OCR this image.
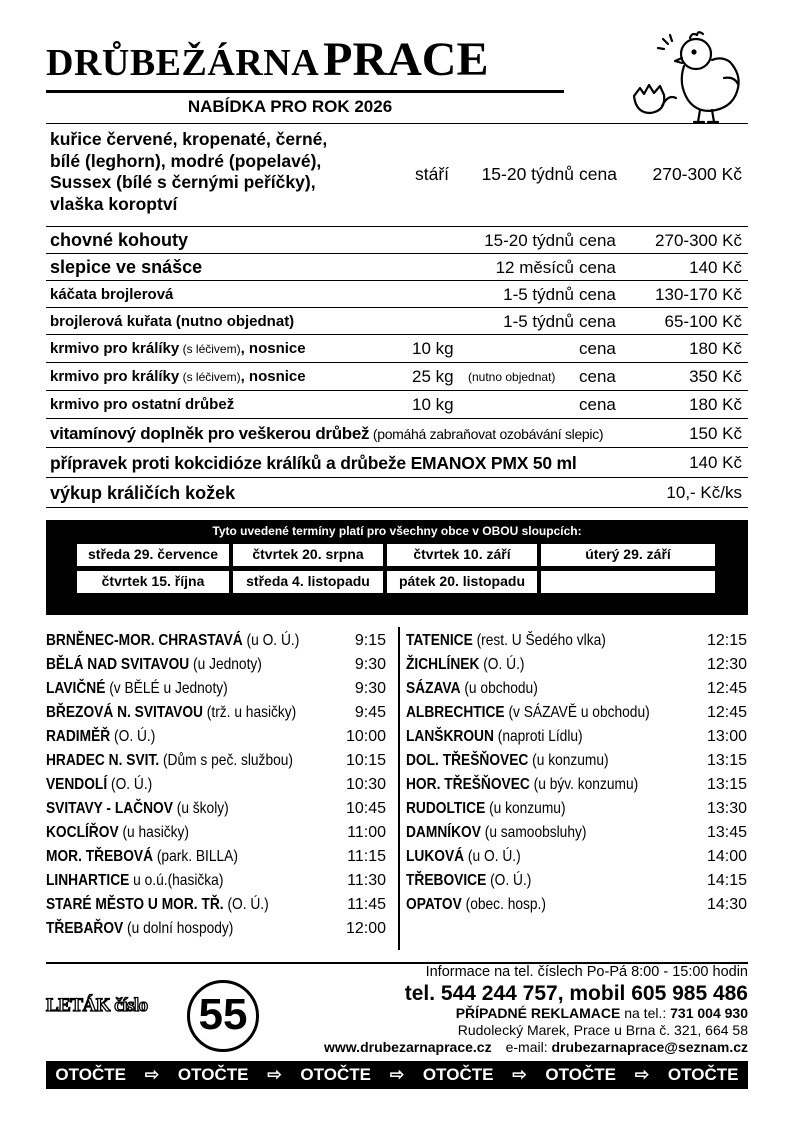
DRŮBEŽÁRNA PRACE
NABÍDKA PRO ROK 2026
kuřice červené, kropenaté, černé,
bílé (leghorn), modré (popelavé),
Sussex (bílé s černými peříčky),
vlaška koroptví
stáří 15-20 týdnů cena 270-300 Kč
chovné kohouty	15-20 týdnů cena 270-300 Kč
slepice ve snášce	12 měsíců cena	140 Kč
káčata brojlerová	1-5 týdnů cena 130-170 Kč
brojlerová kuřata (nutno objednat)	1-5 týdnů cena	65-100 Kč
krmivo pro králíky (s léčivem), nosnice	10 kg	cena	180 Kč
krmivo pro králíky (s léčivem), nosnice	25 kg (nutno objednat) cena	350 Kč
krmivo pro ostatní drůbež	10 kg	cena	180 Kč
vitamínový doplněk pro veškerou drůbež (pomáhá zabraňovat ozobávání slepic)	150 Kč
přípravek proti kokcidióze králíků a drůbeže EMANOX PMX 50 ml	140 Kč
výkup králičích kožek	10,- Kč/ks
Tyto uvedené termíny platí pro všechny obce v OBOU sloupcích:
středa 29. července	čtvrtek 20. srpna	čtvrtek 10. září	úterý 29. září
čtvrtek 15. října	středa 4. listopadu	pátek 20. listopadu
BRNĚNEC-MOR. CHRASTAVÁ (u O. Ú.)	9:15
BĚLÁ NAD SVITAVOU (u Jednoty)	9:30
LAVIČNÉ (v BĚLÉ u Jednoty)	9:30
BŘEZOVÁ N. SVITAVOU (trž. u hasičky)	9:45
RADIMĚŘ (O. Ú.)	10:00
HRADEC N. SVIT. (Dům s peč. službou)	10:15
VENDOLÍ (O. Ú.)	10:30
SVITAVY - LAČNOV (u školy)	10:45
KOCLÍŘOV (u hasičky)	11:00
MOR. TŘEBOVÁ (park. BILLA)	11:15
LINHARTICE u o.ú.(hasička)	11:30
STARÉ MĚSTO U MOR. TŘ. (O. Ú.)	11:45
TŘEBAŘOV (u dolní hospody)	12:00
TATENICE (rest. U Šedého vlka)	12:15
ŽICHLÍNEK (O. Ú.)	12:30
SÁZAVA (u obchodu)	12:45
ALBRECHTICE (v SÁZAVĚ u obchodu)	12:45
LANŠKROUN (naproti Lídlu)	13:00
DOL. TŘEŠŇOVEC (u konzumu)	13:15
HOR. TŘEŠŇOVEC (u býv. konzumu)	13:15
RUDOLTICE (u konzumu)	13:30
DAMNÍKOV (u samoobsluhy)	13:45
LUKOVÁ (u O. Ú.)	14:00
TŘEBOVICE (O. Ú.)	14:15
OPATOV (obec. hosp.)	14:30
Informace na tel. číslech Po-Pá 8:00 - 15:00 hodin
tel. 544 244 757, mobil 605 985 486
PŘÍPADNÉ REKLAMACE na tel.: 731 004 930
Rudolecký Marek, Prace u Brna č. 321, 664 58
www.drubezarnaprace.cz e-mail: drubezarnaprace@seznam.cz
LETÁK číslo 55
OTOČTE ⇨ OTOČTE ⇨ OTOČTE ⇨ OTOČTE ⇨ OTOČTE ⇨ OTOČTE
